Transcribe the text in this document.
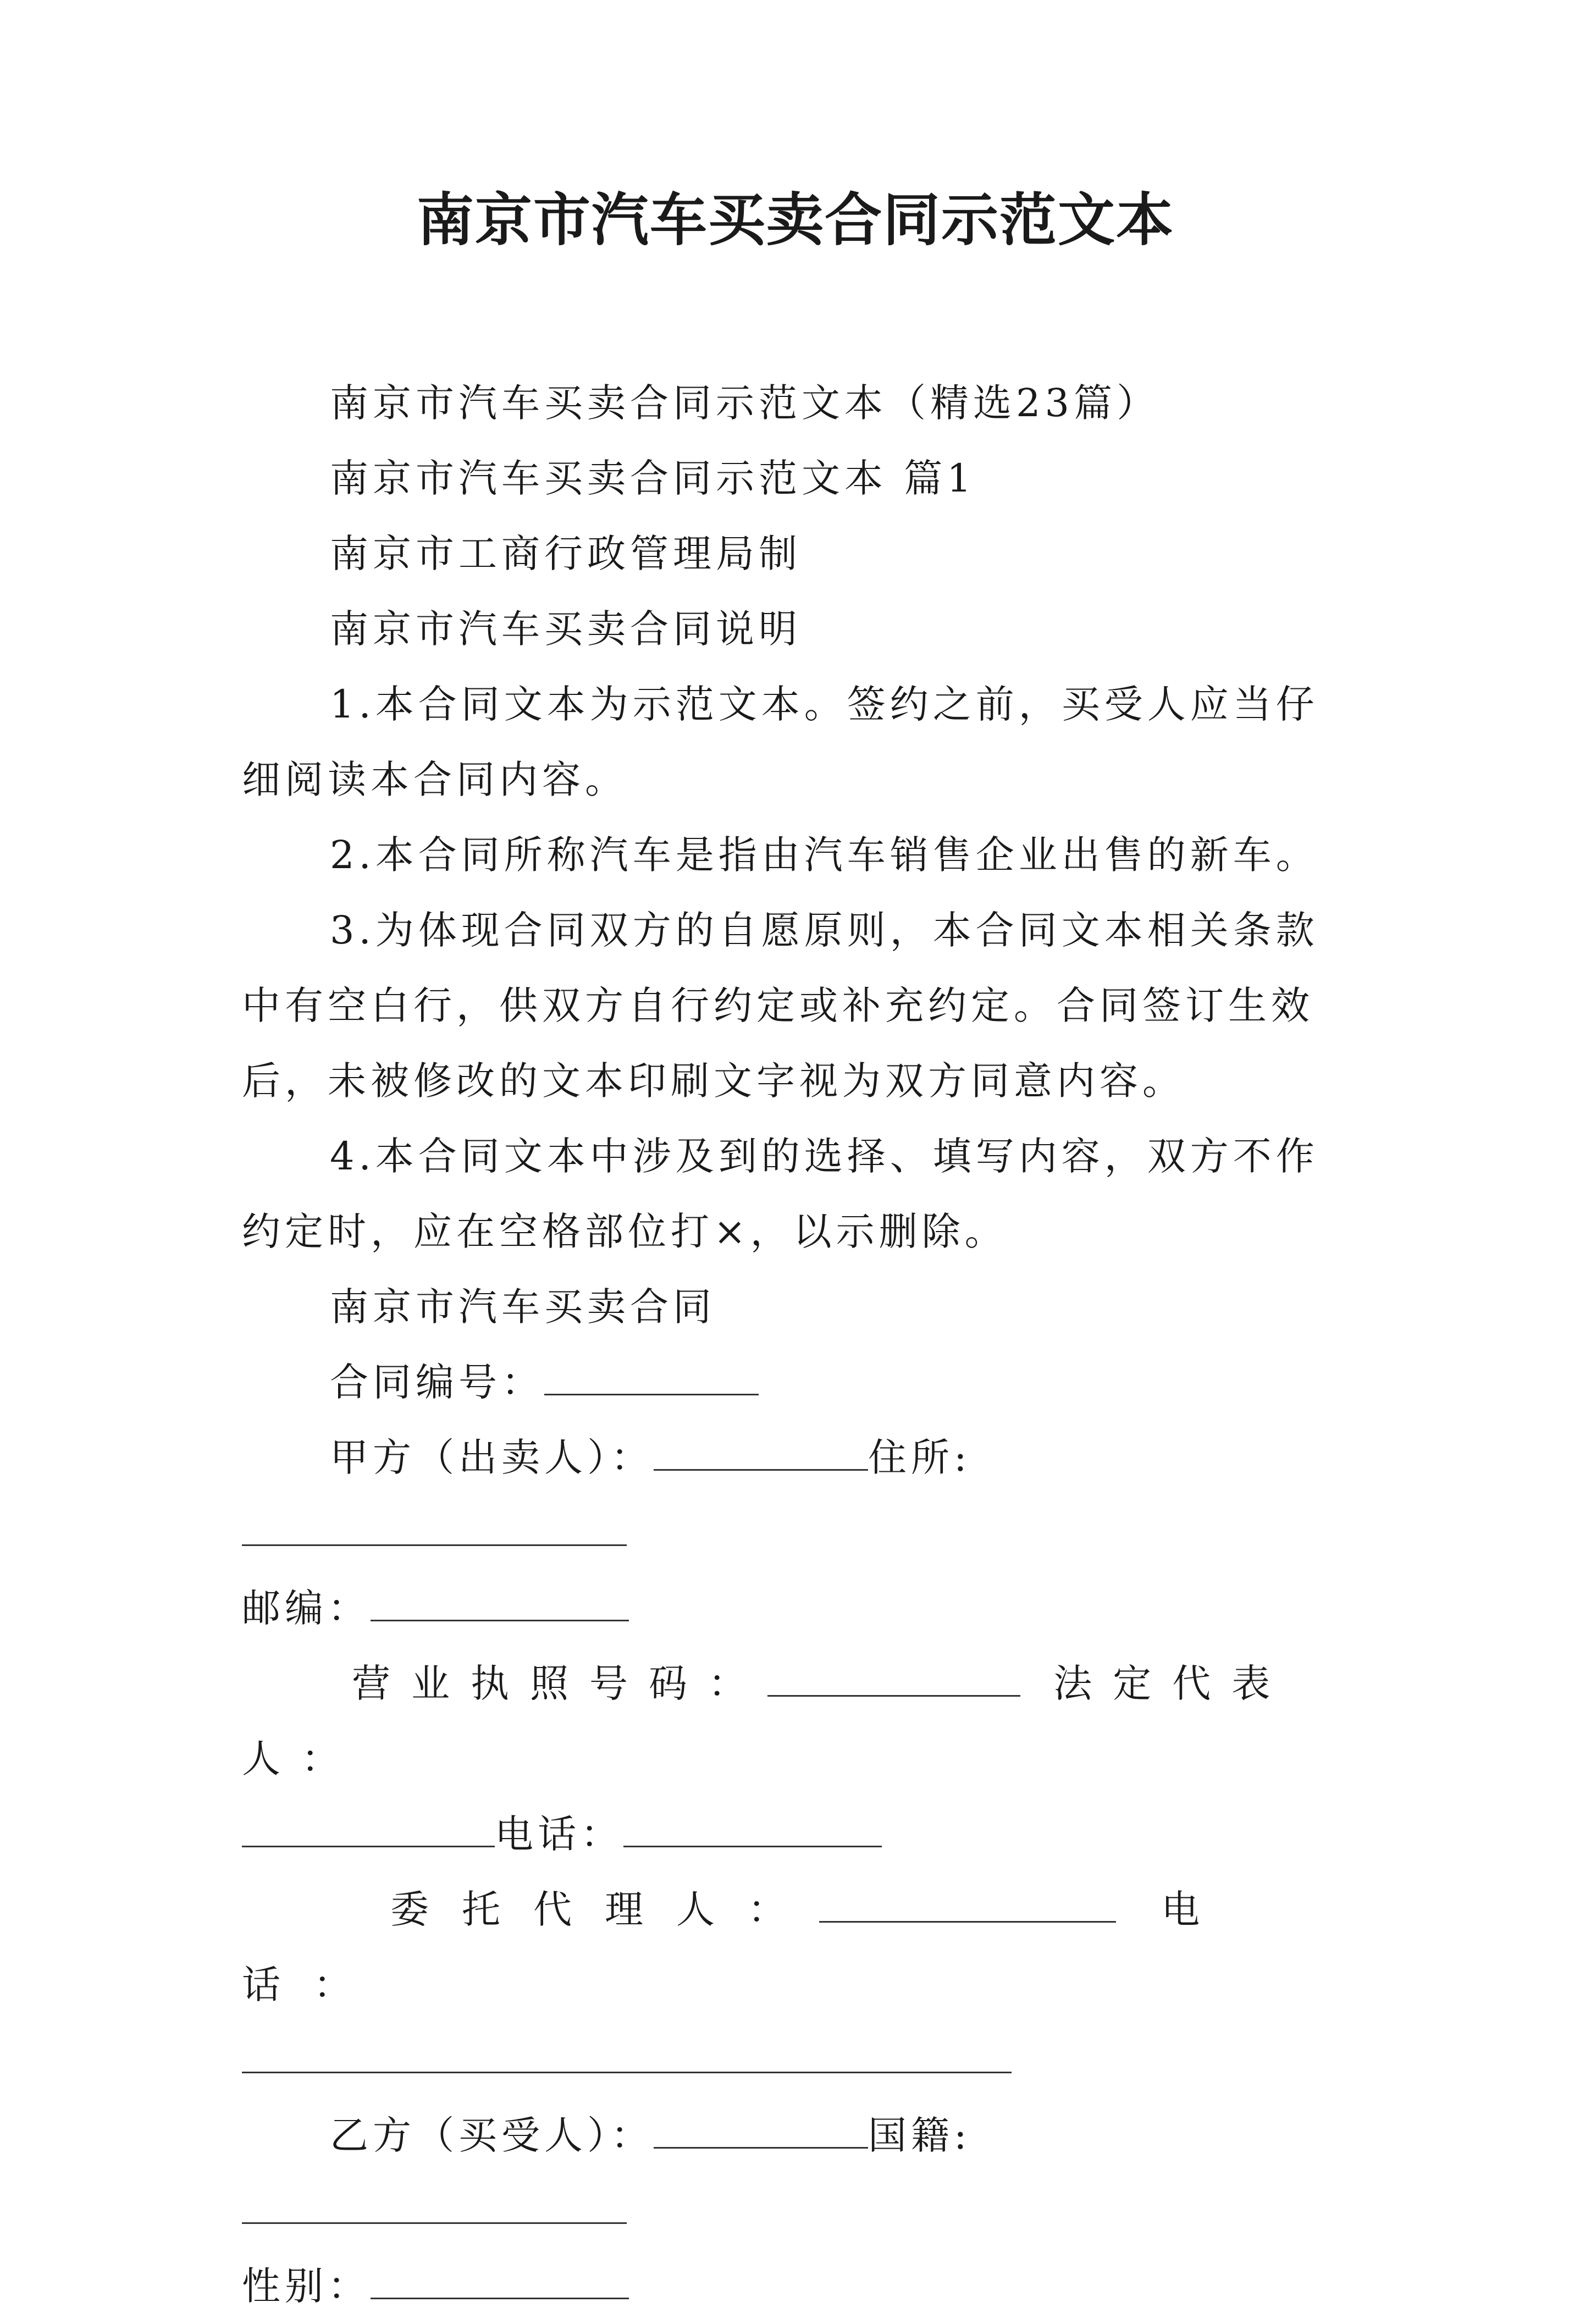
南京市汽车买卖合同示范文本

南京市汽车买卖合同示范文本（精选23篇）

南京市汽车买卖合同示范文本 篇1

南京市工商行政管理局制

南京市汽车买卖合同说明

1.本合同文本为示范文本。签约之前，买受人应当仔细阅读本合同内容。

2.本合同所称汽车是指由汽车销售企业出售的新车。

3.为体现合同双方的自愿原则，本合同文本相关条款中有空白行，供双方自行约定或补充约定。合同签订生效后，未被修改的文本印刷文字视为双方同意内容。

4.本合同文本中涉及到的选择、填写内容，双方不作约定时，应在空格部位打×，以示删除。

南京市汽车买卖合同

合同编号：

甲方（出卖人）：	住所:

邮编：

营业执照号码：	法定代表人：

电话：

委托代理人：	电话：

乙方（买受人）：	国籍:

性别：
